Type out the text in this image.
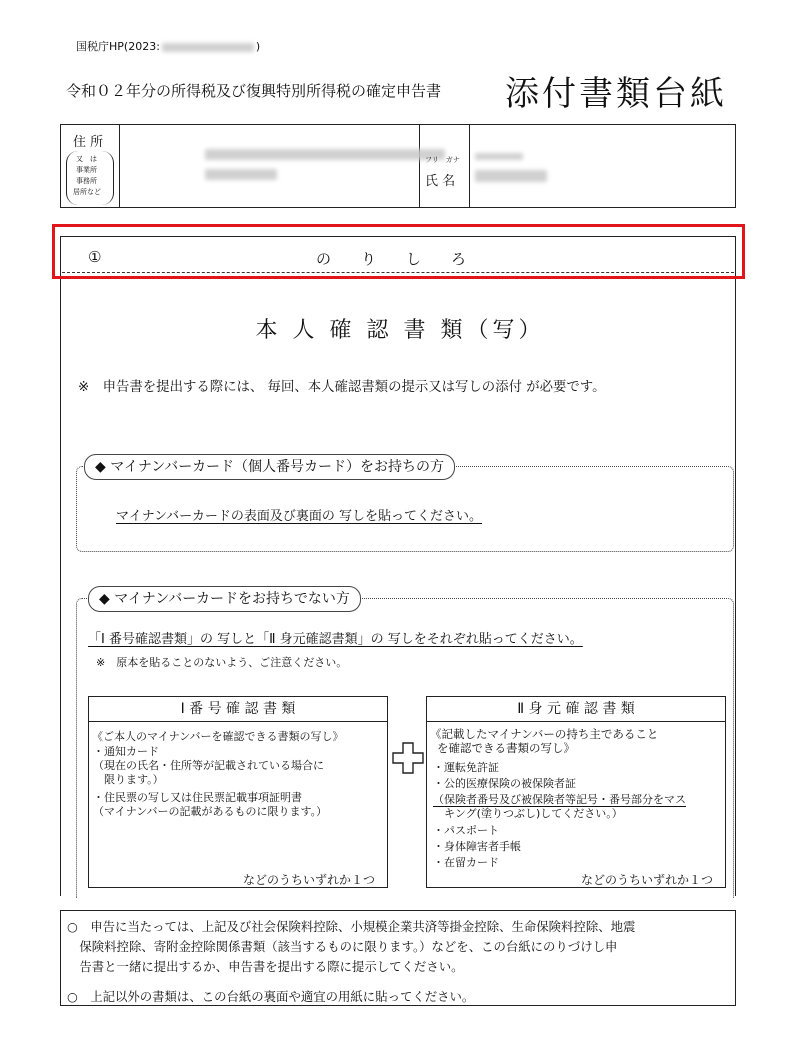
国税庁HP(2023:	)
令和０２年分の所得税及び復興特別所得税の確定申告書 添付書類台紙
住 所
又　は
事業所
事務所
居所など
フリ　ガナ
氏 名
①	の　　り　　し　　ろ
本 人 確 認 書 類（写）
※　申告書を提出する際には、 毎回、本人確認書類の提示又は写しの添付 が必要です。
◆ マイナンバーカード（個人番号カード）をお持ちの方
マイナンバーカードの表面及び裏面の 写しを貼ってください。
◆ マイナンバーカードをお持ちでない方
「Ⅰ 番号確認書類」の 写しと「Ⅱ 身元確認書類」の 写しをそれぞれ貼ってください。
※　原本を貼ることのないよう、ご注意ください。
Ⅰ 番 号 確 認 書 類
《ご本人のマイナンバーを確認できる書類の写し》
・通知カード
（現在の氏名・住所等が記載されている場合に
　限ります。）
・住民票の写し又は住民票記載事項証明書
（マイナンバーの記載があるものに限ります。）
などのうちいずれか１つ
Ⅱ 身 元 確 認 書 類
《記載したマイナンバーの持ち主であること
を確認できる書類の写し》
・運転免許証
・公的医療保険の被保険者証
（保険者番号及び被保険者等記号・番号部分をマス
　キング(塗りつぶし)してください。）
・パスポート
・身体障害者手帳
・在留カード
などのうちいずれか１つ
○　申告に当たっては、上記及び社会保険料控除、小規模企業共済等掛金控除、生命保険料控除、地震
　保険料控除、寄附金控除関係書類（該当するものに限ります。）などを、この台紙にのりづけし申
　告書と一緒に提出するか、申告書を提出する際に提示してください。
○　上記以外の書類は、この台紙の裏面や適宜の用紙に貼ってください。
